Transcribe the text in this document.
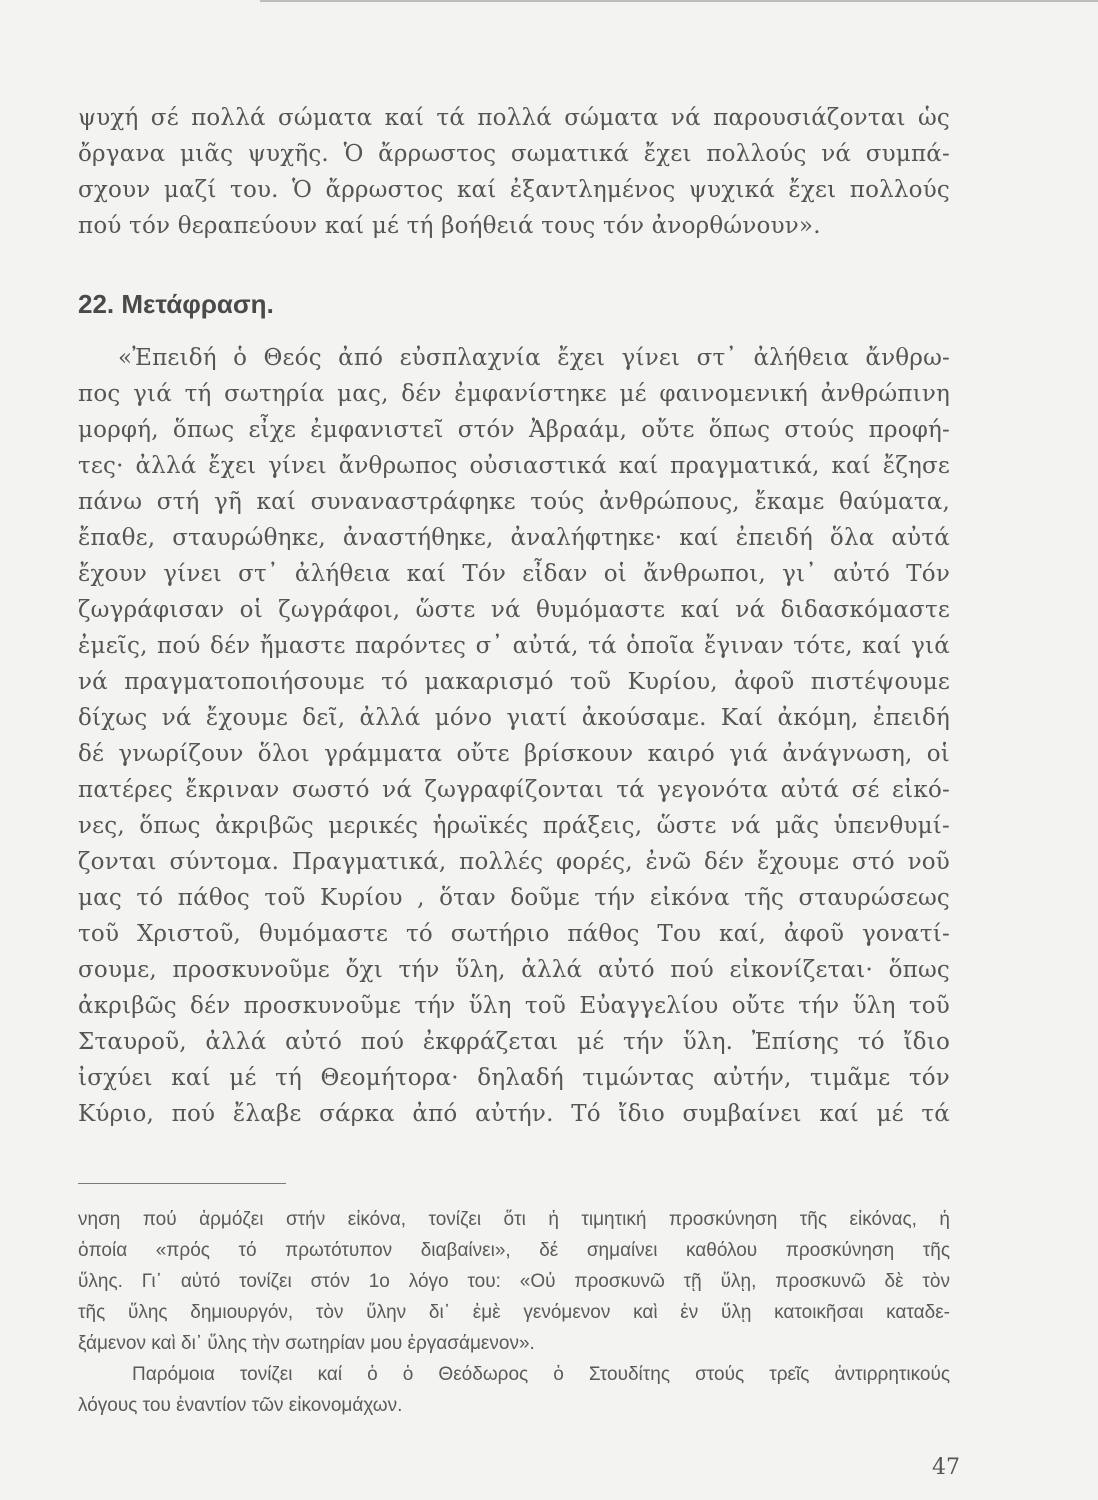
ψυχή σέ πολλά σώματα καί τά πολλά σώματα νά παρουσιάζονται ὡς
ὄργανα μιᾶς ψυχῆς. Ὁ ἄρρωστος σωματικά ἔχει πολλούς νά συμπά-
σχουν μαζί του. Ὁ ἄρρωστος καί ἐξαντλημένος ψυχικά ἔχει πολλούς
πού τόν θεραπεύουν καί μέ τή βοήθειά τους τόν ἀνορθώνουν».
22. Μετάφραση.
«Ἐπειδή ὁ Θεός ἀπό εὐσπλαχνία ἔχει γίνει στ᾽ ἀλήθεια ἄνθρω-
πος γιά τή σωτηρία μας, δέν ἐμφανίστηκε μέ φαινομενική ἀνθρώπινη
μορφή, ὅπως εἶχε ἐμφανιστεῖ στόν Ἀβραάμ, οὔτε ὅπως στούς προφή-
τες· ἀλλά ἔχει γίνει ἄνθρωπος οὐσιαστικά καί πραγματικά, καί ἔζησε
πάνω στή γῆ καί συναναστράφηκε τούς ἀνθρώπους, ἔκαμε θαύματα,
ἔπαθε, σταυρώθηκε, ἀναστήθηκε, ἀναλήφτηκε· καί ἐπειδή ὅλα αὐτά
ἔχουν γίνει στ᾽ ἀλήθεια καί Τόν εἶδαν οἱ ἄνθρωποι, γι᾽ αὐτό Τόν
ζωγράφισαν οἱ ζωγράφοι, ὥστε νά θυμόμαστε καί νά διδασκόμαστε
ἐμεῖς, πού δέν ἤμαστε παρόντες σ᾽ αὐτά, τά ὁποῖα ἔγιναν τότε, καί γιά
νά πραγματοποιήσουμε τό μακαρισμό τοῦ Κυρίου, ἀφοῦ πιστέψουμε
δίχως νά ἔχουμε δεῖ, ἀλλά μόνο γιατί ἀκούσαμε. Καί ἀκόμη, ἐπειδή
δέ γνωρίζουν ὅλοι γράμματα οὔτε βρίσκουν καιρό γιά ἀνάγνωση, οἱ
πατέρες ἔκριναν σωστό νά ζωγραφίζονται τά γεγονότα αὐτά σέ εἰκό-
νες, ὅπως ἀκριβῶς μερικές ἡρωϊκές πράξεις, ὥστε νά μᾶς ὑπενθυμί-
ζονται σύντομα. Πραγματικά, πολλές φορές, ἐνῶ δέν ἔχουμε στό νοῦ
μας τό πάθος τοῦ Κυρίου , ὅταν δοῦμε τήν εἰκόνα τῆς σταυρώσεως
τοῦ Χριστοῦ, θυμόμαστε τό σωτήριο πάθος Του καί, ἀφοῦ γονατί-
σουμε, προσκυνοῦμε ὄχι τήν ὕλη, ἀλλά αὐτό πού εἰκονίζεται· ὅπως
ἀκριβῶς δέν προσκυνοῦμε τήν ὕλη τοῦ Εὐαγγελίου οὔτε τήν ὕλη τοῦ
Σταυροῦ, ἀλλά αὐτό πού ἐκφράζεται μέ τήν ὕλη. Ἐπίσης τό ἴδιο
ἰσχύει καί μέ τή Θεομήτορα· δηλαδή τιμώντας αὐτήν, τιμᾶμε τόν
Κύριο, πού ἔλαβε σάρκα ἀπό αὐτήν. Τό ἴδιο συμβαίνει καί μέ τά
νηση πού ἁρμόζει στήν εἰκόνα, τονίζει ὅτι ἡ τιμητική προσκύνηση τῆς εἰκόνας, ἡ
ὁποία «πρός τό πρωτότυπον διαβαίνει», δέ σημαίνει καθόλου προσκύνηση τῆς
ὕλης. Γι᾽ αὐτό τονίζει στόν 1ο λόγο του: «Οὐ προσκυνῶ τῇ ὕλῃ, προσκυνῶ δὲ τὸν
τῆς ὕλης δημιουργόν, τὸν ὕλην δι᾽ ἐμὲ γενόμενον καὶ ἐν ὕλῃ κατοικῆσαι καταδε-
ξάμενον καὶ δι᾽ ὕλης τὴν σωτηρίαν μου ἐργασάμενον».
Παρόμοια τονίζει καί ὁ ὁ Θεόδωρος ὁ Στουδίτης στούς τρεῖς ἀντιρρητικούς
λόγους του ἐναντίον τῶν εἰκονομάχων.
47
